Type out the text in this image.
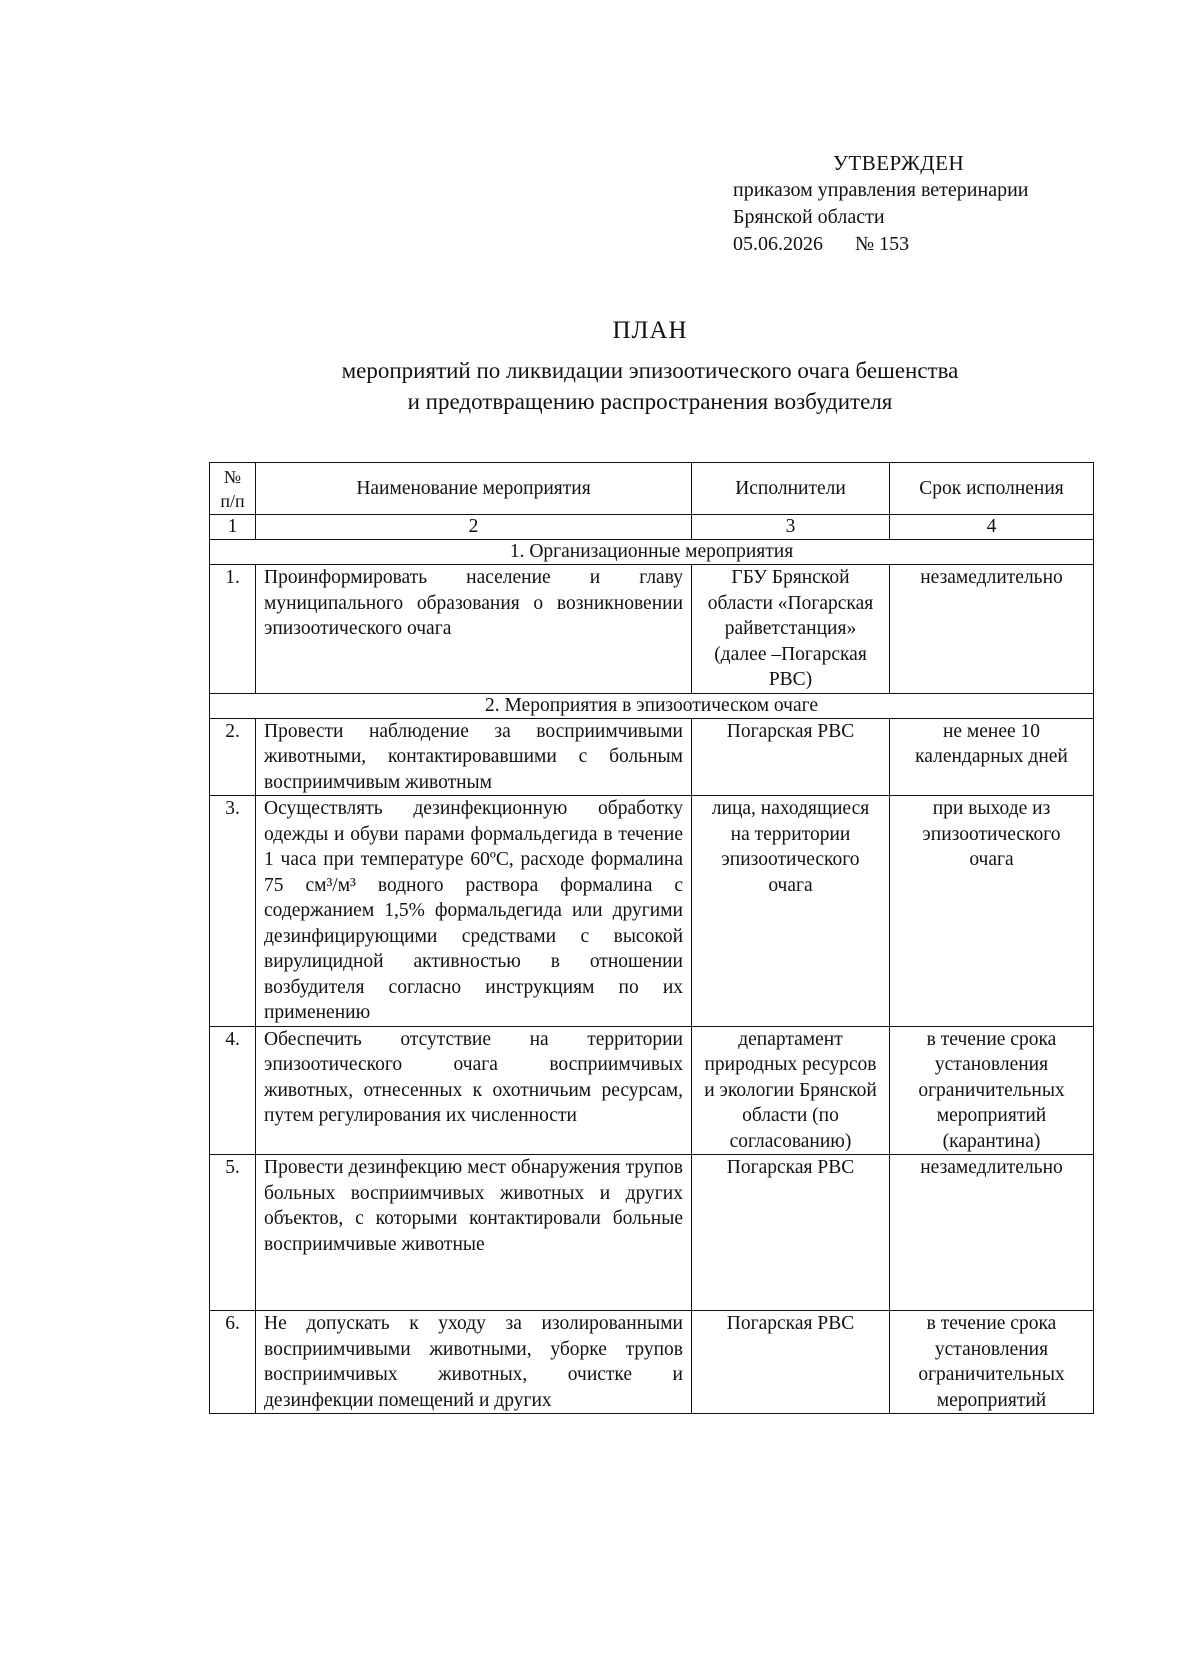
УТВЕРЖДЕН
приказом управления ветеринарии
Брянской области
05.06.2026 № 153
ПЛАН
мероприятий по ликвидации эпизоотического очага бешенства
и предотвращению распространения возбудителя
№ п/п	Наименование мероприятия	Исполнители	Срок исполнения
1	2	3	4
1. Организационные мероприятия			
1.	Проинформировать население и главу муниципального образования о возникновении эпизоотического очага	ГБУ Брянской области «Погарская райветстанция» (далее –Погарская РВС)	незамедлительно
2. Мероприятия в эпизоотическом очаге			
2.	Провести наблюдение за восприимчивыми животными, контактировавшими с больным восприимчивым животным	Погарская РВС	не менее 10 календарных дней
3.	Осуществлять дезинфекционную обработку одежды и обуви парами формальдегида в течение 1 часа при температуре 60ºС, расходе формалина 75 см³/м³ водного раствора формалина с содержанием 1,5% формальдегида или другими дезинфицирующими средствами с высокой вирулицидной активностью в отношении возбудителя согласно инструкциям по их применению	лица, находящиеся на территории эпизоотического очага	при выходе из эпизоотического очага
4.	Обеспечить отсутствие на территории эпизоотического очага восприимчивых животных, отнесенных к охотничьим ресурсам, путем регулирования их численности	департамент природных ресурсов и экологии Брянской области (по согласованию)	в течение срока установления ограничительных мероприятий (карантина)
5.	Провести дезинфекцию мест обнаружения трупов больных восприимчивых животных и других объектов, с которыми контактировали больные восприимчивые животные	Погарская РВС	незамедлительно
6.	Не допускать к уходу за изолированными восприимчивыми животными, уборке трупов восприимчивых животных, очистке и дезинфекции помещений и других	Погарская РВС	в течение срока установления ограничительных мероприятий
